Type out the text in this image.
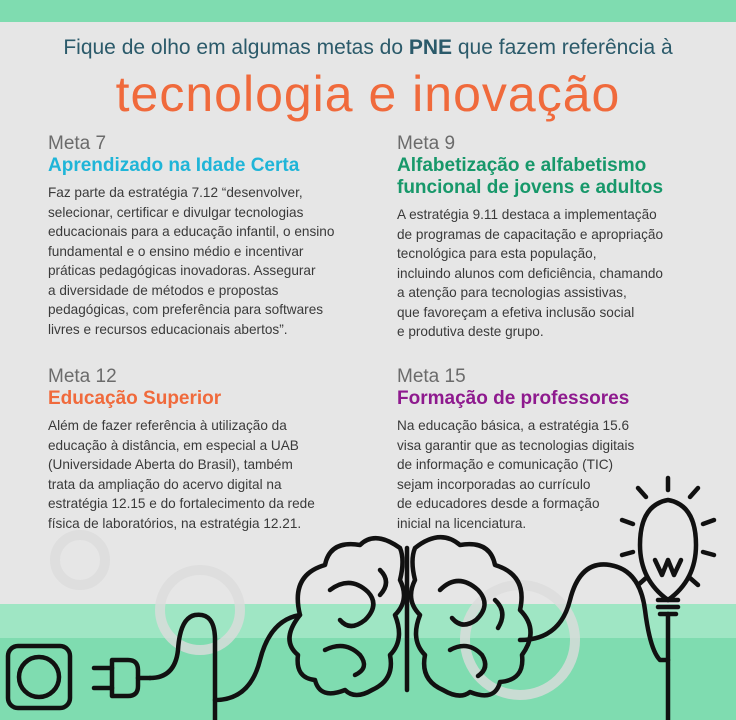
Fique de olho em algumas metas do PNE que fazem referência à
tecnologia e inovação
Meta 7
Aprendizado na Idade Certa
Faz parte da estratégia 7.12 “desenvolver,
selecionar, certificar e divulgar tecnologias
educacionais para a educação infantil, o ensino
fundamental e o ensino médio e incentivar
práticas pedagógicas inovadoras. Assegurar
a diversidade de métodos e propostas
pedagógicas, com preferência para softwares
livres e recursos educacionais abertos”.
Meta 9
Alfabetização e alfabetismo
funcional de jovens e adultos
A estratégia 9.11 destaca a implementação
de programas de capacitação e apropriação
tecnológica para esta população,
incluindo alunos com deficiência, chamando
a atenção para tecnologias assistivas,
que favoreçam a efetiva inclusão social
e produtiva deste grupo.
Meta 12
Educação Superior
Além de fazer referência à utilização da
educação à distância, em especial a UAB
(Universidade Aberta do Brasil), também
trata da ampliação do acervo digital na
estratégia 12.15 e do fortalecimento da rede
física de laboratórios, na estratégia 12.21.
Meta 15
Formação de professores
Na educação básica, a estratégia 15.6
visa garantir que as tecnologias digitais
de informação e comunicação (TIC)
sejam incorporadas ao currículo
de educadores desde a formação
inicial na licenciatura.
